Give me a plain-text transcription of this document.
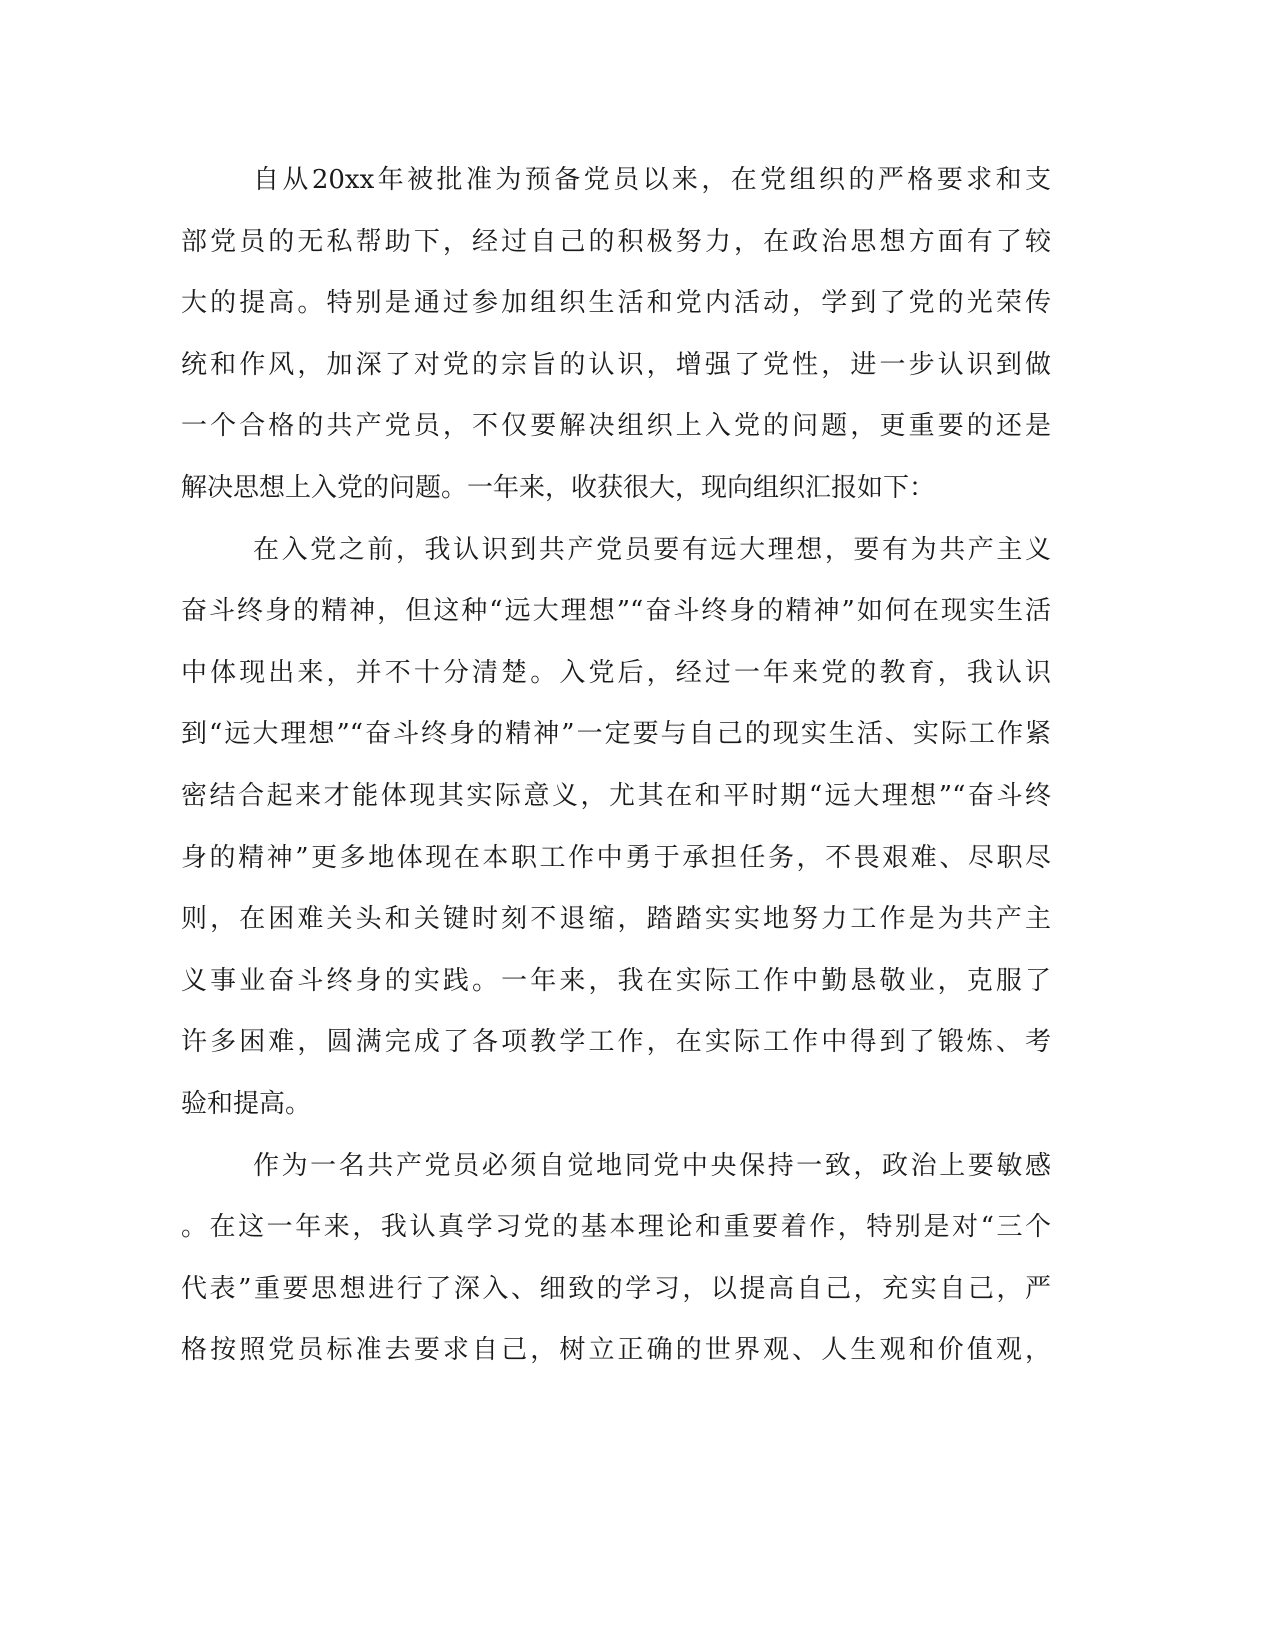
自从20xx年被批准为预备党员以来，在党组织的严格要求和支
部党员的无私帮助下，经过自己的积极努力，在政治思想方面有了较
大的提高。特别是通过参加组织生活和党内活动，学到了党的光荣传
统和作风，加深了对党的宗旨的认识，增强了党性，进一步认识到做
一个合格的共产党员，不仅要解决组织上入党的问题，更重要的还是
解决思想上入党的问题。一年来，收获很大，现向组织汇报如下：
在入党之前，我认识到共产党员要有远大理想，要有为共产主义
奋斗终身的精神，但这种“远大理想”“奋斗终身的精神”如何在现实生活
中体现出来，并不十分清楚。入党后，经过一年来党的教育，我认识
到“远大理想”“奋斗终身的精神”一定要与自己的现实生活、实际工作紧
密结合起来才能体现其实际意义，尤其在和平时期“远大理想”“奋斗终
身的精神”更多地体现在本职工作中勇于承担任务，不畏艰难、尽职尽
则，在困难关头和关键时刻不退缩，踏踏实实地努力工作是为共产主
义事业奋斗终身的实践。一年来，我在实际工作中勤恳敬业，克服了
许多困难，圆满完成了各项教学工作，在实际工作中得到了锻炼、考
验和提高。
作为一名共产党员必须自觉地同党中央保持一致，政治上要敏感
。在这一年来，我认真学习党的基本理论和重要着作，特别是对“三个
代表”重要思想进行了深入、细致的学习，以提高自己，充实自己，严
格按照党员标准去要求自己，树立正确的世界观、人生观和价值观，
